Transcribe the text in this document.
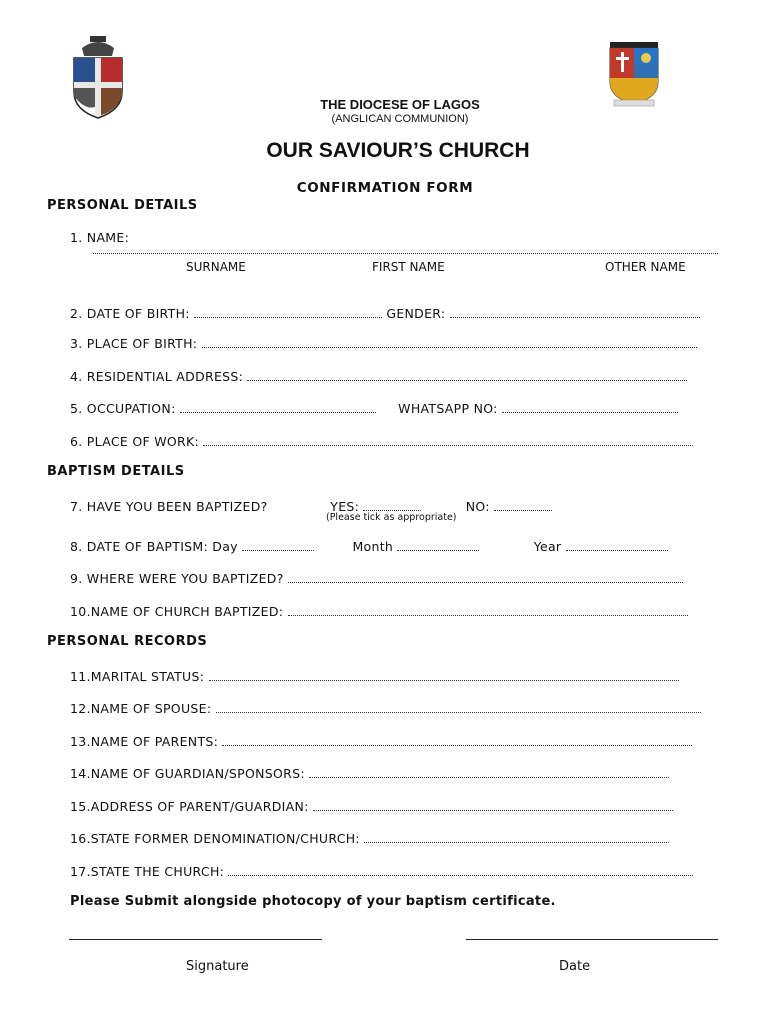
THE DIOCESE OF LAGOS
(ANGLICAN COMMUNION)
OUR SAVIOUR’S CHURCH
CONFIRMATION FORM
PERSONAL DETAILS
1. NAME:
SURNAME	FIRST NAME	OTHER NAME
2. DATE OF BIRTH:	GENDER:
3. PLACE OF BIRTH:
4. RESIDENTIAL ADDRESS:
5. OCCUPATION:	WHATSAPP NO:
6. PLACE OF WORK:
BAPTISM DETAILS
7. HAVE YOU BEEN BAPTIZED?	YES:	NO:
(Please tick as appropriate)
8. DATE OF BAPTISM: Day	Month	Year
9. WHERE WERE YOU BAPTIZED?
10.NAME OF CHURCH BAPTIZED:
PERSONAL RECORDS
11.MARITAL STATUS:
12.NAME OF SPOUSE:
13.NAME OF PARENTS:
14.NAME OF GUARDIAN/SPONSORS:
15.ADDRESS OF PARENT/GUARDIAN:
16.STATE FORMER DENOMINATION/CHURCH:
17.STATE THE CHURCH:
Please Submit alongside photocopy of your baptism certificate.
Signature	Date
